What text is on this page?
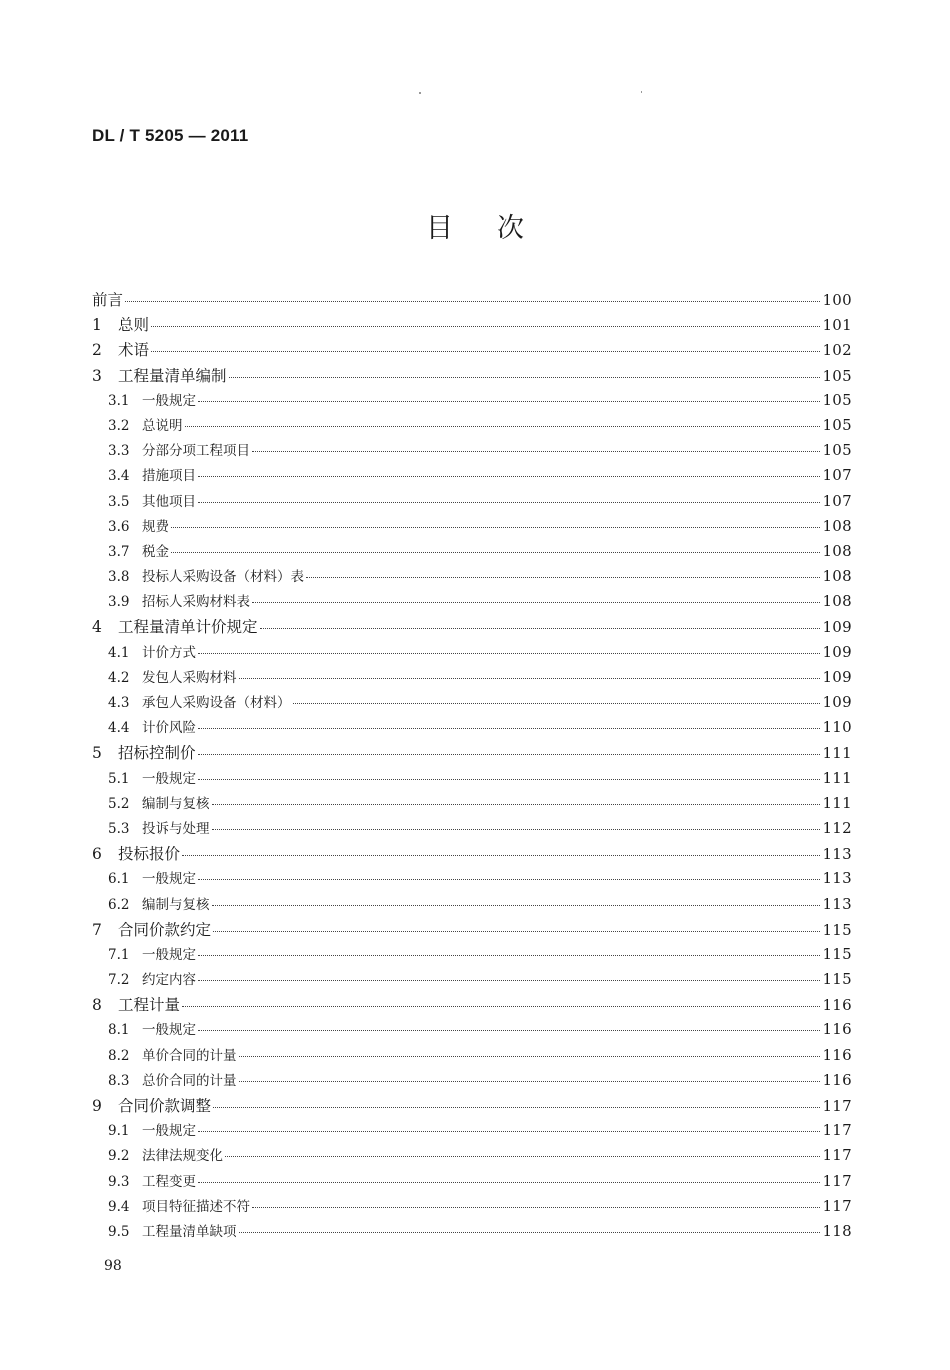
DL / T 5205 — 2011
目次
前言	100
1	总则	101
2	术语	102
3	工程量清单编制	105
3.1 一般规定	105
3.2 总说明	105
3.3 分部分项工程项目	105
3.4 措施项目	107
3.5 其他项目	107
3.6 规费	108
3.7 税金	108
3.8 投标人采购设备（材料）表	108
3.9 招标人采购材料表	108
4	工程量清单计价规定	109
4.1 计价方式	109
4.2 发包人采购材料	109
4.3 承包人采购设备（材料）	109
4.4 计价风险	110
5	招标控制价	111
5.1 一般规定	111
5.2 编制与复核	111
5.3 投诉与处理	112
6	投标报价	113
6.1 一般规定	113
6.2 编制与复核	113
7	合同价款约定	115
7.1 一般规定	115
7.2 约定内容	115
8	工程计量	116
8.1 一般规定	116
8.2 单价合同的计量	116
8.3 总价合同的计量	116
9	合同价款调整	117
9.1 一般规定	117
9.2 法律法规变化	117
9.3 工程变更	117
9.4 项目特征描述不符	117
9.5 工程量清单缺项	118
98
